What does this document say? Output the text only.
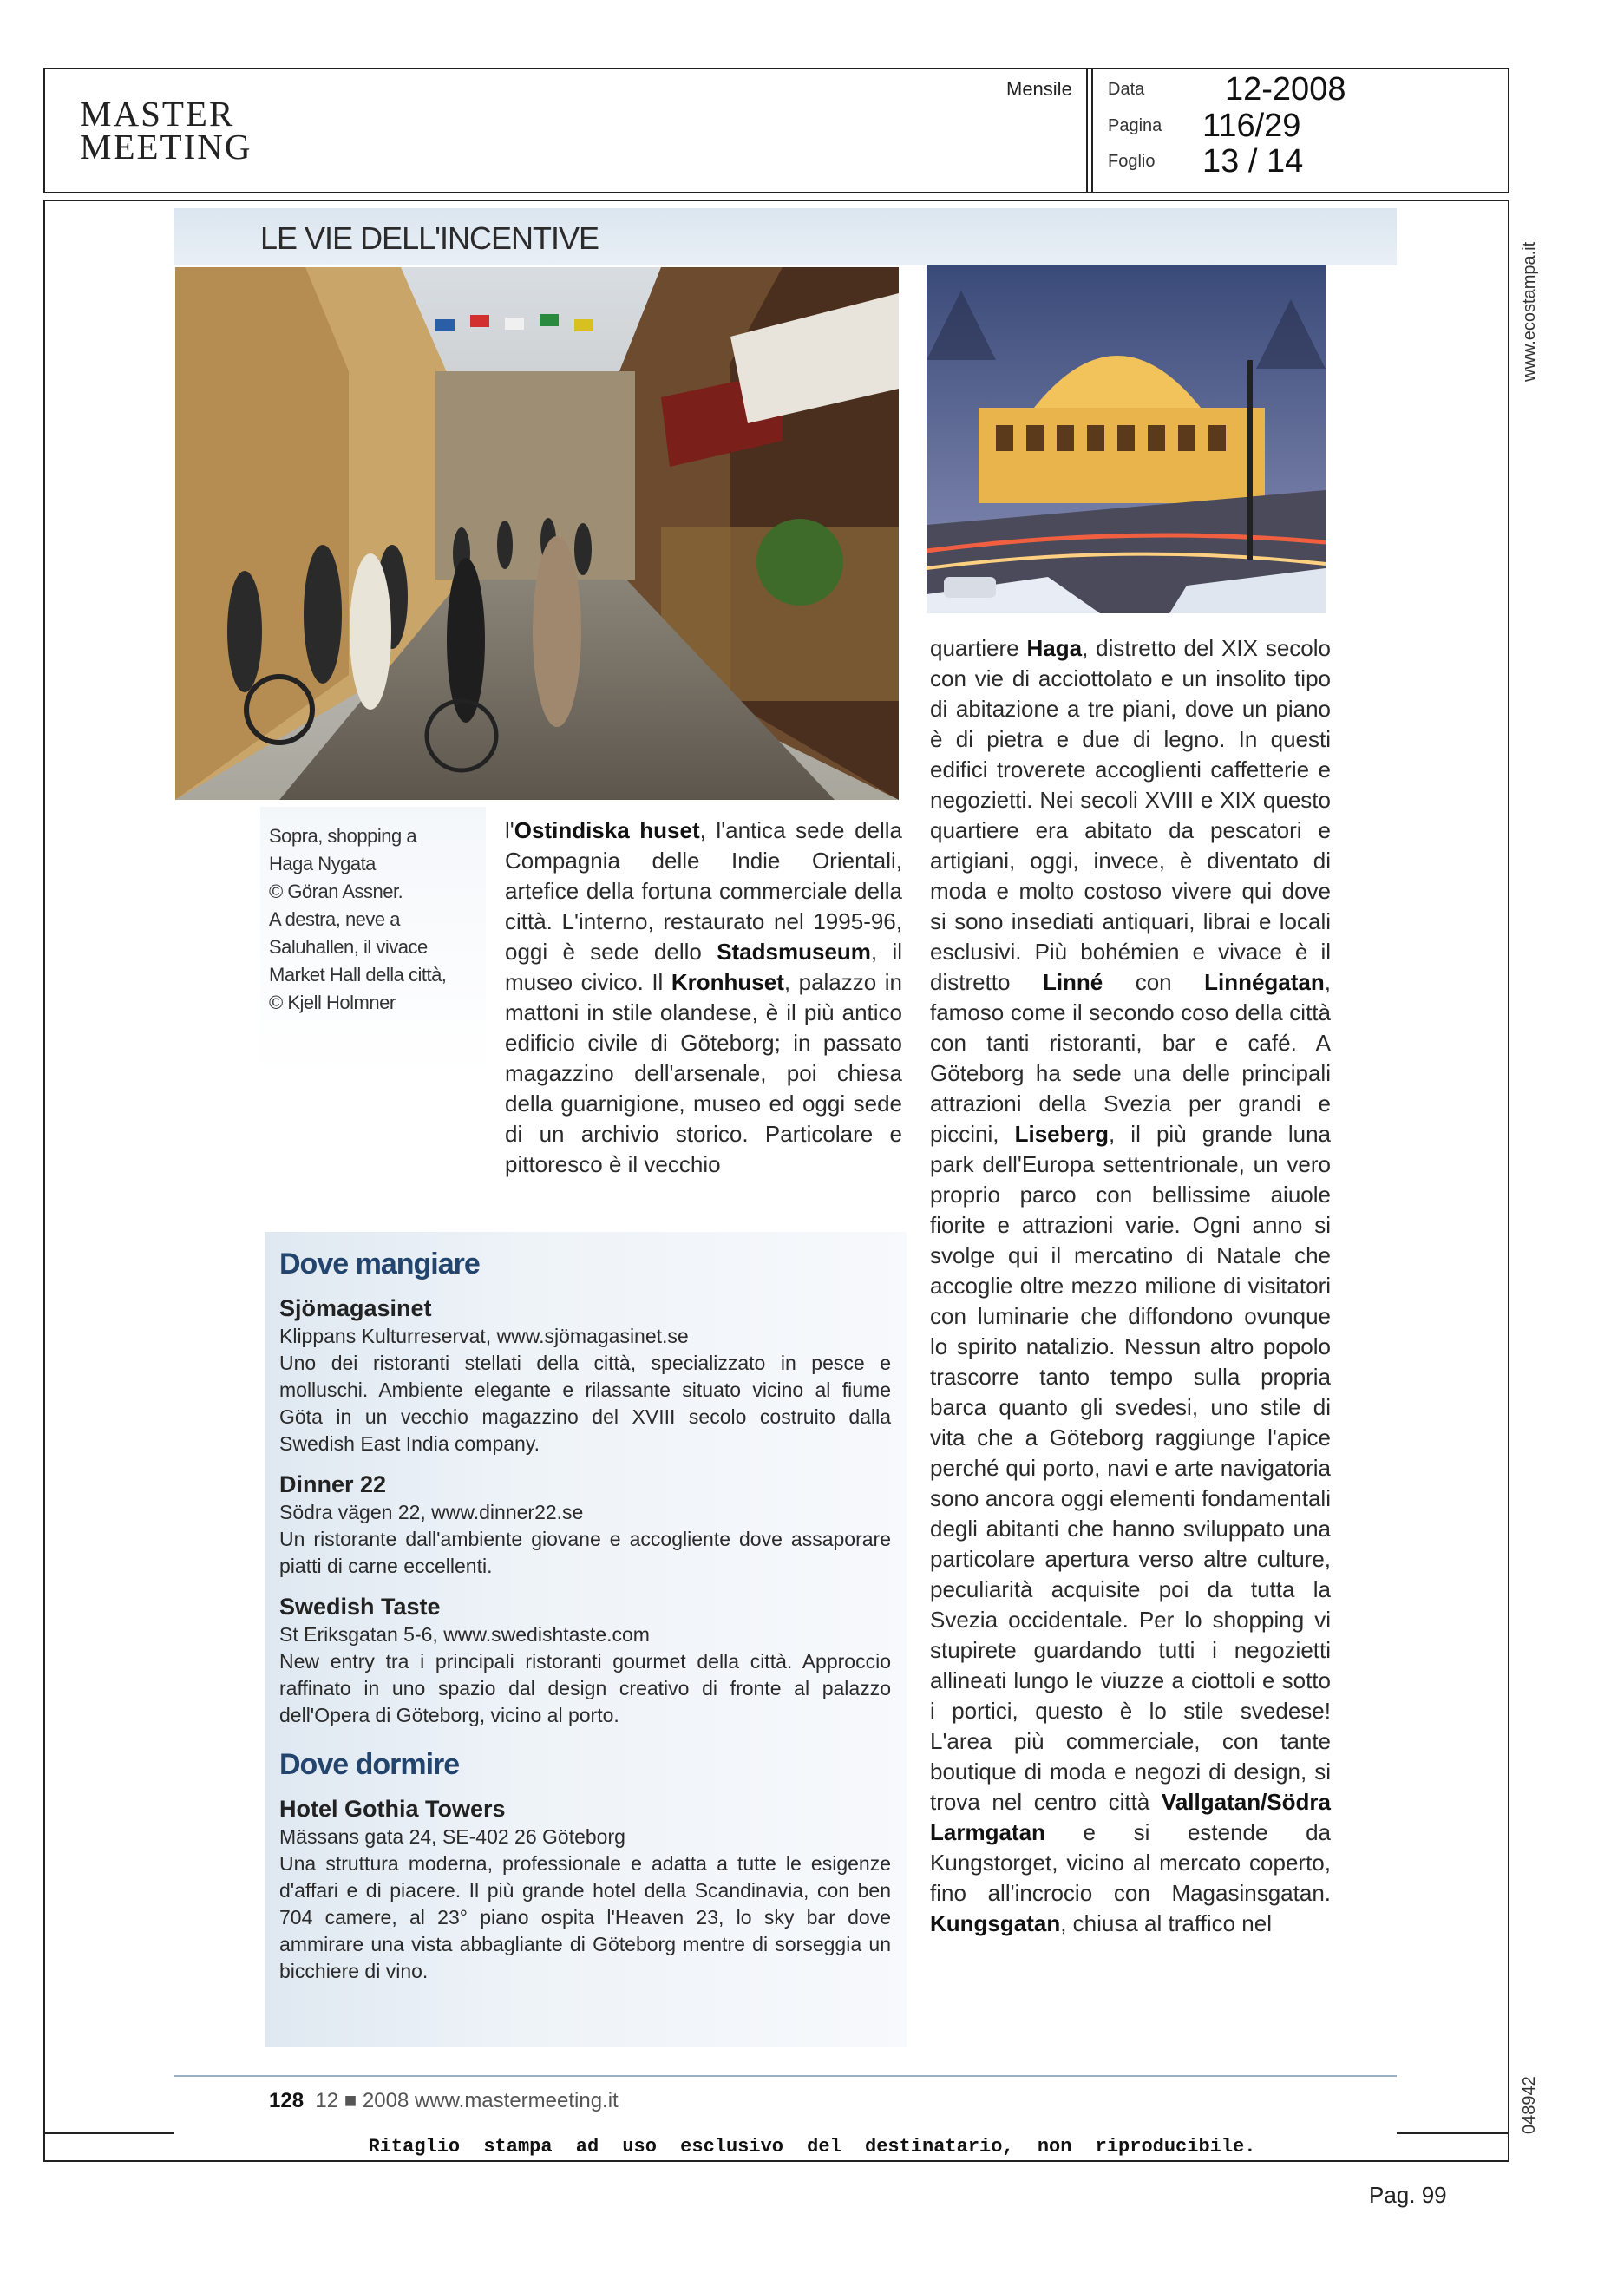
MASTER
MEETING
Mensile Data 12-2008
Pagina 116/29
Foglio 13 / 14
www.ecostampa.it
048942
LE VIE DELL'INCENTIVE
Sopra, shopping a
Haga Nygata
© Göran Assner.
A destra, neve a
Saluhallen, il vivace
Market Hall della città,
© Kjell Holmner
l'Ostindiska huset, l'antica sede della Compagnia delle Indie Orientali, artefice della fortuna commerciale della città. L'interno, restaurato nel 1995-96, oggi è sede dello Stadsmuseum, il museo civico. Il Kronhuset, palazzo in mattoni in stile olandese, è il più antico edificio civile di Göteborg; in passato magazzino dell'arsenale, poi chiesa della guarnigione, museo ed oggi sede di un archivio storico. Particolare e pittoresco è il vecchio
quartiere Haga, distretto del XIX secolo con vie di acciottolato e un insolito tipo di abitazione a tre piani, dove un piano è di pietra e due di legno. In questi edifici troverete accoglienti caffetterie e negozietti. Nei secoli XVIII e XIX questo quartiere era abitato da pescatori e artigiani, oggi, invece, è diventato di moda e molto costoso vivere qui dove si sono insediati antiquari, librai e locali esclusivi. Più bohémien e vivace è il distretto Linné con Linnégatan, famoso come il secondo coso della città con tanti ristoranti, bar e café. A Göteborg ha sede una delle principali attrazioni della Svezia per grandi e piccini, Liseberg, il più grande luna park dell'Europa settentrionale, un vero proprio parco con bellissime aiuole fiorite e attrazioni varie. Ogni anno si svolge qui il mercatino di Natale che accoglie oltre mezzo milione di visitatori con luminarie che diffondono ovunque lo spirito natalizio. Nessun altro popolo trascorre tanto tempo sulla propria barca quanto gli svedesi, uno stile di vita che a Göteborg raggiunge l'apice perché qui porto, navi e arte navigatoria sono ancora oggi elementi fondamentali degli abitanti che hanno sviluppato una particolare apertura verso altre culture, peculiarità acquisite poi da tutta la Svezia occidentale. Per lo shopping vi stupirete guardando tutti i negozietti allineati lungo le viuzze a ciottoli e sotto i portici, questo è lo stile svedese! L'area più commerciale, con tante boutique di moda e negozi di design, si trova nel centro città Vallgatan/Södra Larmgatan e si estende da Kungstorget, vicino al mercato coperto, fino all'incrocio con Magasinsgatan. Kungsgatan, chiusa al traffico nel

Dove mangiare

Sjömagasinet

Klippans Kulturreservat, www.sjömagasinet.se
Uno dei ristoranti stellati della città, specializzato in pesce e molluschi. Ambiente elegante e rilassante situato vicino al fiume Göta in un vecchio magazzino del XVIII secolo costruito dalla Swedish East India company.

Dinner 22

Södra vägen 22, www.dinner22.se
Un ristorante dall'ambiente giovane e accogliente dove assaporare piatti di carne eccellenti.

Swedish Taste

St Eriksgatan 5-6, www.swedishtaste.com
New entry tra i principali ristoranti gourmet della città. Approccio raffinato in uno spazio dal design creativo di fronte al palazzo dell'Opera di Göteborg, vicino al porto.

Dove dormire

Hotel Gothia Towers

Mässans gata 24, SE-402 26 Göteborg
Una struttura moderna, professionale e adatta a tutte le esigenze d'affari e di piacere. Il più grande hotel della Scandinavia, con ben 704 camere, al 23° piano ospita l'Heaven 23, lo sky bar dove ammirare una vista abbagliante di Göteborg mentre di sorseggia un bicchiere di vino.

128 12 ■ 2008 www.mastermeeting.it
Ritaglio stampa ad uso esclusivo del destinatario, non riproducibile.
Pag. 99
